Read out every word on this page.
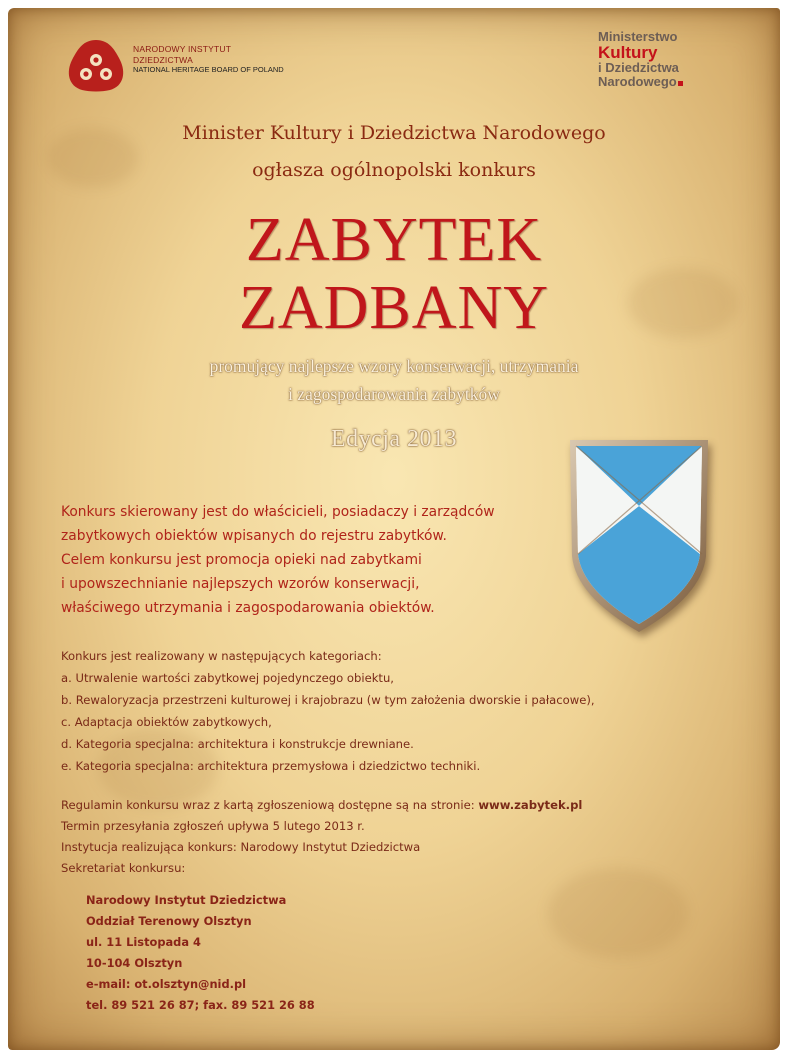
NARODOWY INSTYTUT
DZIEDZICTWA
NATIONAL HERITAGE BOARD OF POLAND
Ministerstwo
Kultury
i Dziedzictwa
Narodowego
Minister Kultury i Dziedzictwa Narodowego
ogłasza ogólnopolski konkurs
ZABYTEK
ZADBANY
promujący najlepsze wzory konserwacji, utrzymania
i zagospodarowania zabytków
Edycja 2013
Konkurs skierowany jest do właścicieli, posiadaczy i zarządców
zabytkowych obiektów wpisanych do rejestru zabytków.
Celem konkursu jest promocja opieki nad zabytkami
i upowszechnianie najlepszych wzorów konserwacji,
właściwego utrzymania i zagospodarowania obiektów.
Konkurs jest realizowany w następujących kategoriach:
a. Utrwalenie wartości zabytkowej pojedynczego obiektu,
b. Rewaloryzacja przestrzeni kulturowej i krajobrazu (w tym założenia dworskie i pałacowe),
c. Adaptacja obiektów zabytkowych,
d. Kategoria specjalna: architektura i konstrukcje drewniane.
e. Kategoria specjalna: architektura przemysłowa i dziedzictwo techniki.
Regulamin konkursu wraz z kartą zgłoszeniową dostępne są na stronie: www.zabytek.pl
Termin przesyłania zgłoszeń upływa 5 lutego 2013 r.
Instytucja realizująca konkurs: Narodowy Instytut Dziedzictwa
Sekretariat konkursu:
Narodowy Instytut Dziedzictwa
Oddział Terenowy Olsztyn
ul. 11 Listopada 4
10-104 Olsztyn
e-mail: ot.olsztyn@nid.pl
tel. 89 521 26 87; fax. 89 521 26 88
